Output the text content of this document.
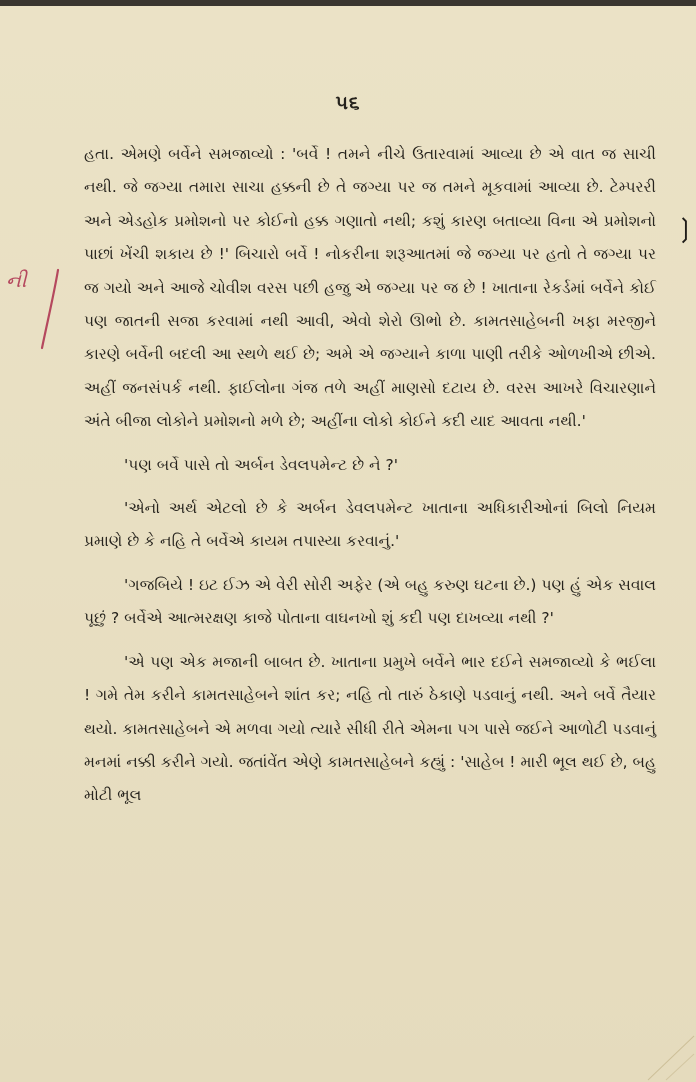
૫૬
ની
❳

હતા. એમણે બર્વેને સમજાવ્યો : 'બર્વે ! તમને નીચે ઉતારવામાં આવ્યા છે એ વાત જ સાચી નથી. જે જગ્યા તમારા સાચા હક્કની છે તે જગ્યા પર જ તમને મૂકવામાં આવ્યા છે. ટેમ્પરરી અને એડહોક પ્રમોશનો પર કોઈનો હક્ક ગણાતો નથી; કશું કારણ બતાવ્યા વિના એ પ્રમોશનો પાછાં ખેંચી શકાય છે !' બિચારો બર્વે ! નોકરીના શરૂઆતમાં જે જગ્યા પર હતો તે જગ્યા પર જ ગયો અને આજે ચોવીશ વરસ પછી હજુ એ જગ્યા પર જ છે ! ખાતાના રેકર્ડમાં બર્વેને કોઈ પણ જાતની સજા કરવામાં નથી આવી, એવો શેરો ઊભો છે. કામતસાહેબની ખફા મરજીને કારણે બર્વેની બદલી આ સ્થળે થઈ છે; અમે એ જગ્યાને કાળા પાણી તરીકે ઓળખીએ છીએ. અહીં જનસંપર્ક નથી. ફાઈલોના ગંજ તળે અહીં માણસો દટાય છે. વરસ આખરે વિચારણાને અંતે બીજા લોકોને પ્રમોશનો મળે છે; અહીંના લોકો કોઈને કદી યાદ આવતા નથી.'

'પણ બર્વે પાસે તો અર્બન ડેવલપમેન્ટ છે ને ?'

'એનો અર્થ એટલો છે કે અર્બન ડેવલપમેન્ટ ખાતાના અધિકારીઓનાં બિલો નિયમ પ્રમાણે છે કે નહિ તે બર્વેએ કાયમ તપાસ્યા કરવાનું.'

'ગજબિયે ! ઇટ ઈઝ એ વેરી સોરી અફેર (એ બહુ કરુણ ઘટના છે.) પણ હું એક સવાલ પૂછું ? બર્વેએ આત્મરક્ષણ કાજે પોતાના વાઘનખો શું કદી પણ દાખવ્યા નથી ?'

'એ પણ એક મજાની બાબત છે. ખાતાના પ્રમુખે બર્વેને ભાર દઈને સમજાવ્યો કે ભઈલા ! ગમે તેમ કરીને કામતસાહેબને શાંત કર; નહિ તો તારું ઠેકાણે પડવાનું નથી. અને બર્વે તૈયાર થયો. કામતસાહેબને એ મળવા ગયો ત્યારે સીધી રીતે એમના પગ પાસે જઈને આળોટી પડવાનું મનમાં નક્કી કરીને ગયો. જતાંવેંત એણે કામતસાહેબને કહ્યું : 'સાહેબ ! મારી ભૂલ થઈ છે, બહુ મોટી ભૂલ
